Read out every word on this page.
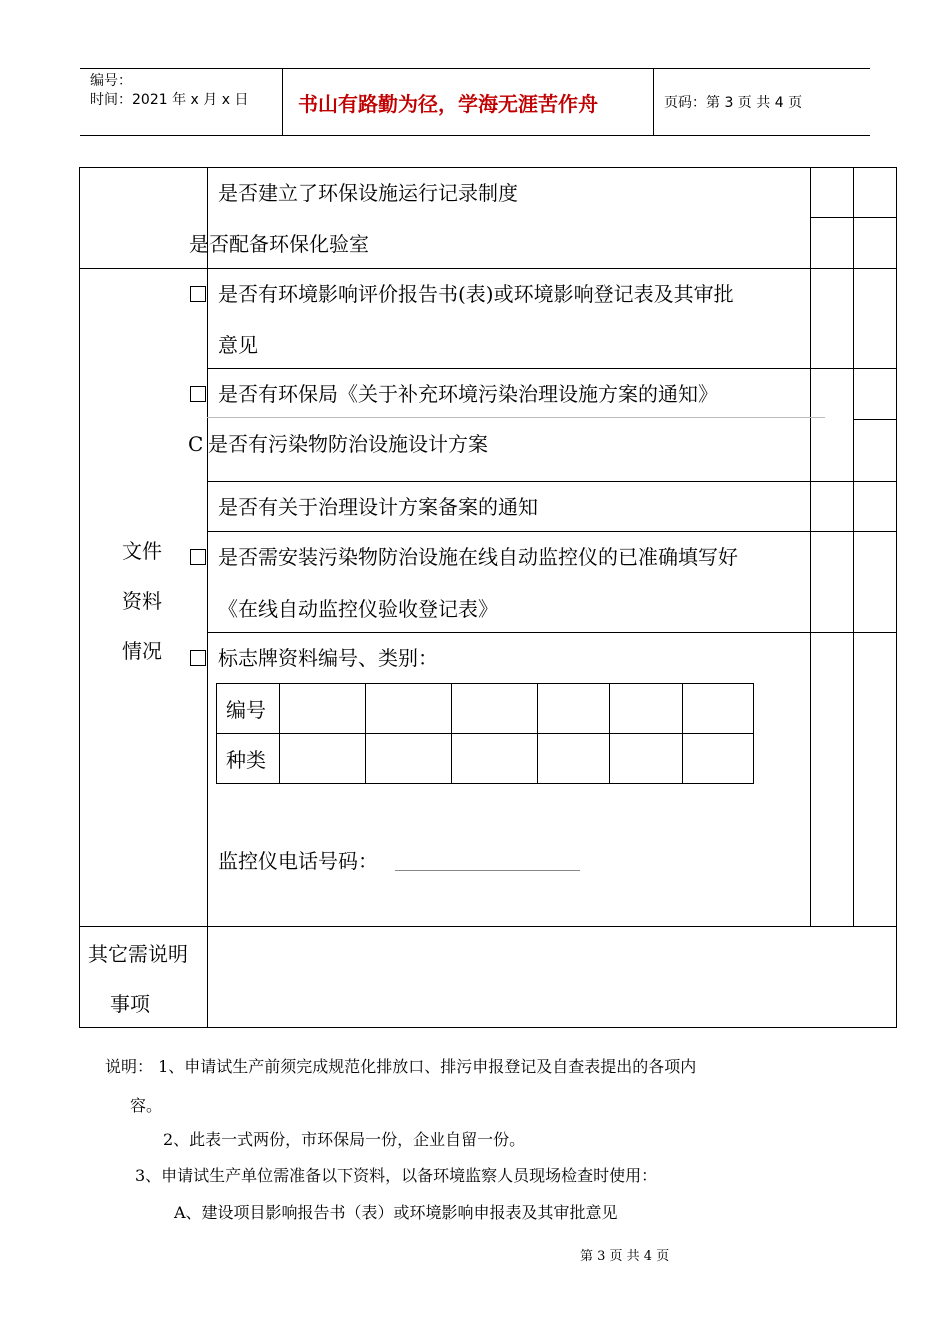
编号：
时间：2021 年 x 月 x 日 书山有路勤为径，学海无涯苦作舟	页码：第 3 页 共 4 页
是否建立了环保设施运行记录制度
是否配备环保化验室
是否有环境影响评价报告书(表)或环境影响登记表及其审批
意见
是否有环保局《关于补充环境污染治理设施方案的通知》
C 是否有污染物防治设施设计方案
是否有关于治理设计方案备案的通知
是否需安装污染物防治设施在线自动监控仪的已准确填写好
《在线自动监控仪验收登记表》
标志牌资料编号、类别：
编号
种类
监控仪电话号码：
文件
资料
情况
其它需说明
事项
说明： 1、申请试生产前须完成规范化排放口、排污申报登记及自查表提出的各项内
容。
2、此表一式两份，市环保局一份，企业自留一份。
3、申请试生产单位需准备以下资料，以备环境监察人员现场检查时使用：
A、建设项目影响报告书（表）或环境影响申报表及其审批意见
第 3 页 共 4 页
